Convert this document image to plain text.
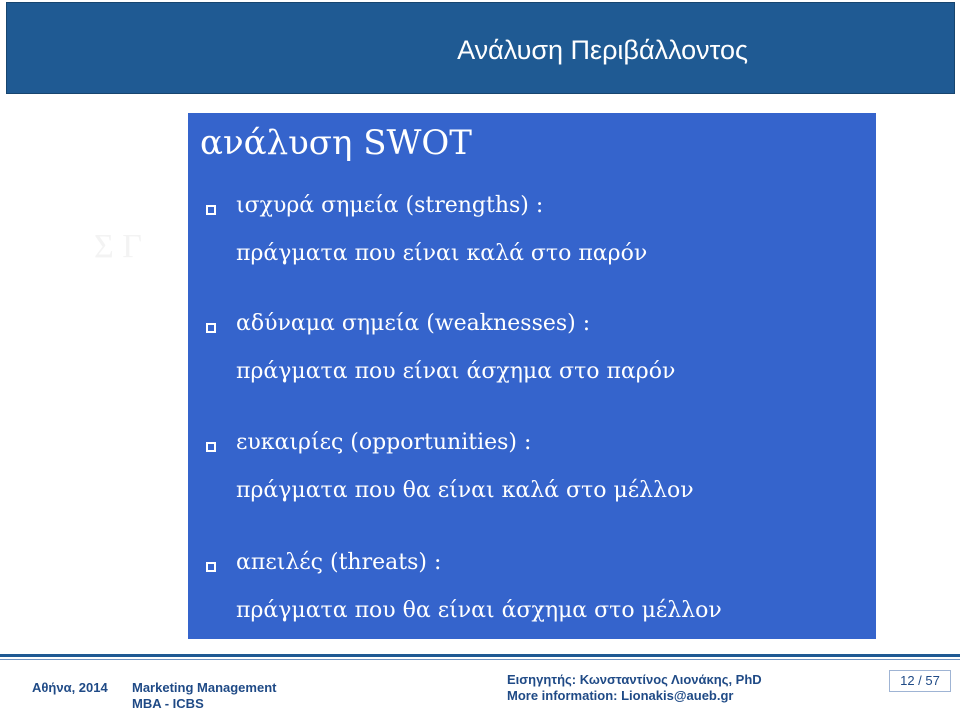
Ανάλυση Περιβάλλοντος
Σ Γ
ανάλυση SWOT
ισχυρά σημεία (strengths) :
πράγματα που είναι καλά στο παρόν
αδύναμα σημεία (weaknesses) :
πράγματα που είναι άσχημα στο παρόν
ευκαιρίες (opportunities) :
πράγματα που θα είναι καλά στο μέλλον
απειλές (threats) :
πράγματα που θα είναι άσχημα στο μέλλον
Αθήνα, 2014 Marketing Management
MBA - ICBS
Εισηγητής: Κωνσταντίνος Λιονάκης, PhD
More information: Lionakis@aueb.gr
12 / 57
